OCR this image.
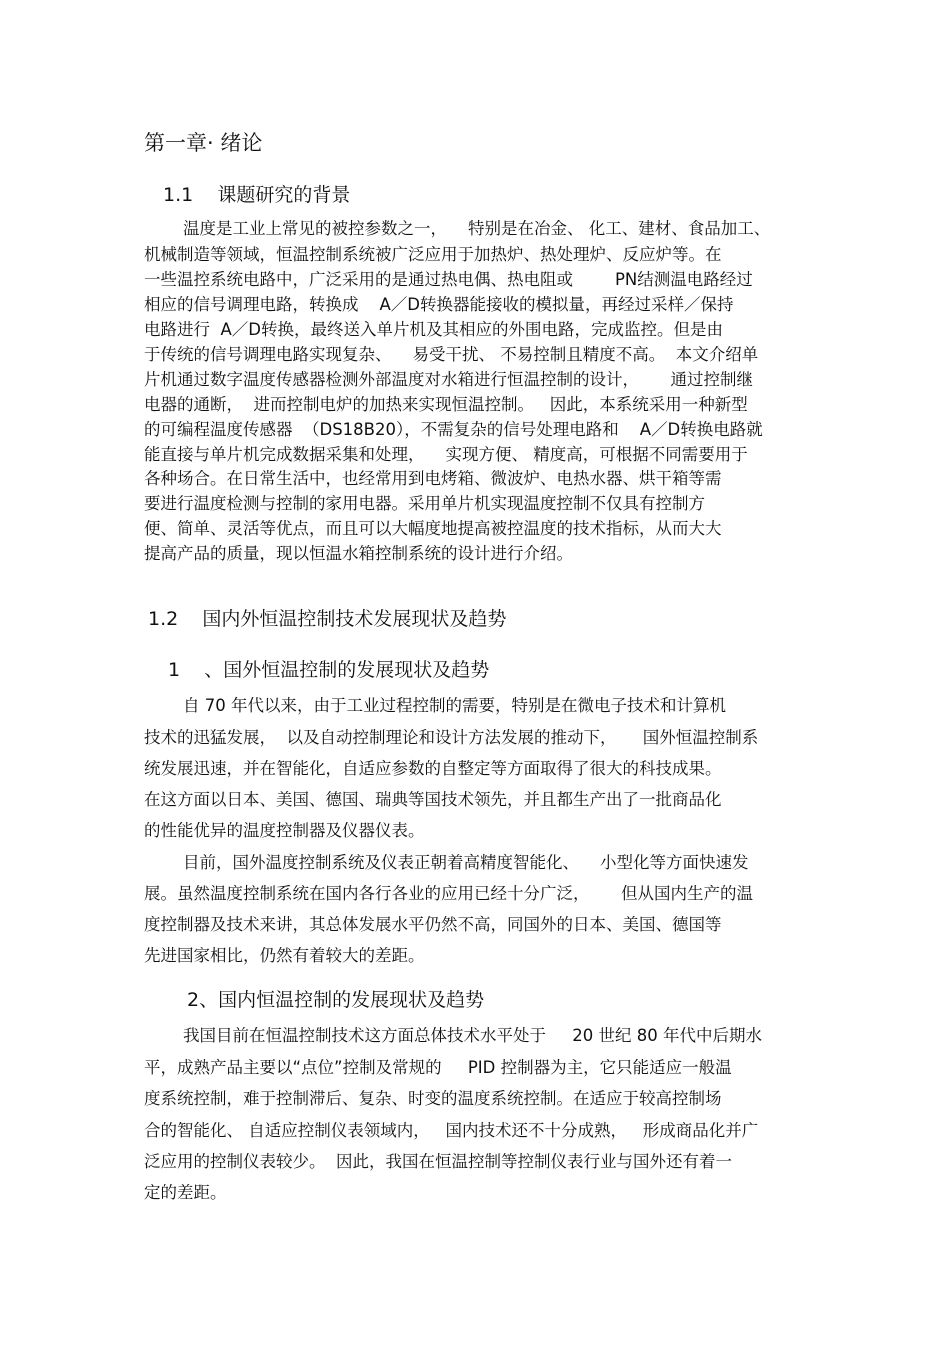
第一章· 绪论
1.1    课题研究的背景
温度是工业上常见的被控参数之一，    特别是在冶金、 化工、建材、食品加工、
机械制造等领域，恒温控制系统被广泛应用于加热炉、热处理炉、反应炉等。在
一些温控系统电路中，广泛采用的是通过热电偶、热电阻或        PN结测温电路经过
相应的信号调理电路，转换成    A／D转换器能接收的模拟量，再经过采样／保持
电路进行  A／D转换，最终送入单片机及其相应的外围电路，完成监控。但是由
于传统的信号调理电路实现复杂、    易受干扰、 不易控制且精度不高。  本文介绍单
片机通过数字温度传感器检测外部温度对水箱进行恒温控制的设计，      通过控制继
电器的通断，  进而控制电炉的加热来实现恒温控制。   因此，本系统采用一种新型
的可编程温度传感器  （DS18B20），不需复杂的信号处理电路和    A／D转换电路就
能直接与单片机完成数据采集和处理，    实现方便、 精度高，可根据不同需要用于
各种场合。在日常生活中，也经常用到电烤箱、微波炉、电热水器、烘干箱等需
要进行温度检测与控制的家用电器。采用单片机实现温度控制不仅具有控制方
便、简单、灵活等优点，而且可以大幅度地提高被控温度的技术指标，从而大大
提高产品的质量，现以恒温水箱控制系统的设计进行介绍。
1.2    国内外恒温控制技术发展现状及趋势
1    、国外恒温控制的发展现状及趋势
自 70 年代以来，由于工业过程控制的需要，特别是在微电子技术和计算机
技术的迅猛发展，  以及自动控制理论和设计方法发展的推动下，     国外恒温控制系
统发展迅速，并在智能化，自适应参数的自整定等方面取得了很大的科技成果。
在这方面以日本、美国、德国、瑞典等国技术领先，并且都生产出了一批商品化
的性能优异的温度控制器及仪器仪表。
目前，国外温度控制系统及仪表正朝着高精度智能化、    小型化等方面快速发
展。虽然温度控制系统在国内各行各业的应用已经十分广泛，      但从国内生产的温
度控制器及技术来讲，其总体发展水平仍然不高，同国外的日本、美国、德国等
先进国家相比，仍然有着较大的差距。
2、国内恒温控制的发展现状及趋势
我国目前在恒温控制技术这方面总体技术水平处于     20 世纪 80 年代中后期水
平，成熟产品主要以“点位”控制及常规的     PID 控制器为主，它只能适应一般温
度系统控制，难于控制滞后、复杂、时变的温度系统控制。在适应于较高控制场
合的智能化、 自适应控制仪表领域内，   国内技术还不十分成熟，   形成商品化并广
泛应用的控制仪表较少。  因此，我国在恒温控制等控制仪表行业与国外还有着一
定的差距。
